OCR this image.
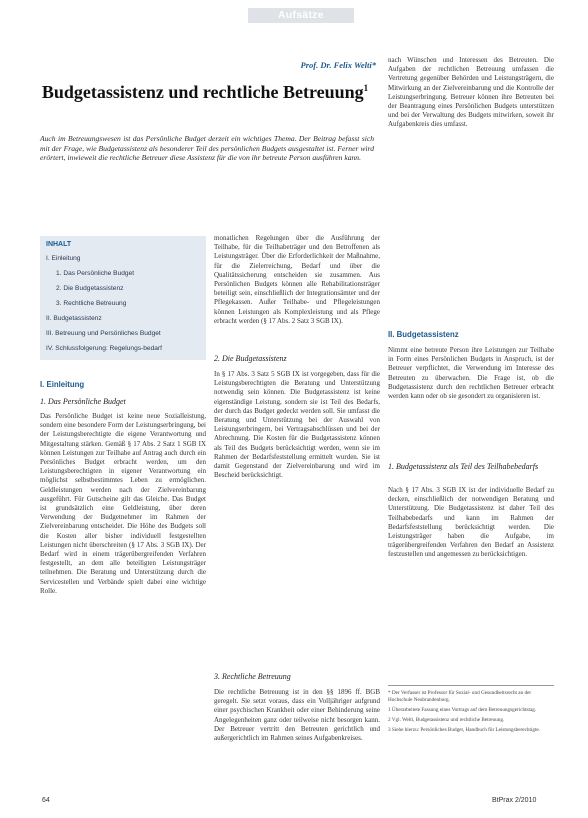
Aufsätze
Prof. Dr. Felix Welti*
Budgetassistenz und rechtliche Betreuung$^1$
Auch im Betreuungswesen ist das Persönliche Budget derzeit ein wichtiges Thema. Der Beitrag befasst sich mit der Frage, wie Budgetassistenz als besonderer Teil des persönlichen Budgets ausgestaltet ist. Ferner wird erörtert, inwieweit die rechtliche Betreuer diese Assistenz für die von ihr betreute Person ausführen kann.
INHALT
I. Einleitung
1. Das Persönliche Budget
2. Die Budgetassistenz
3. Rechtliche Betreuung
II. Budgetassistenz
III. Betreuung und Persönliches Budget
IV. Schlussfolgerung: Regelungs-bedarf
I. Einleitung
1. Das Persönliche Budget
Das Persönliche Budget ist keine neue Sozialleistung, sondern eine besondere Form der Leistungserbringung, bei der Leistungsberechtigte die eigene Verantwortung und Mitgestaltung stärken. Gemäß § 17 Abs. 2 Satz 1 SGB IX können Leistungen zur Teilhabe auf Antrag auch durch ein Persönliches Budget erbracht werden, um den Leistungsberechtigten in eigener Verantwortung ein möglichst selbstbestimmtes Leben zu ermöglichen. Geldleistungen werden nach der Zielvereinbarung ausgeführt. Für Gutscheine gilt das Gleiche. Das Budget ist grundsätzlich eine Geldleistung, über deren Verwendung der Budgetnehmer im Rahmen der Zielvereinbarung entscheidet. Die Höhe des Budgets soll die Kosten aller bisher individuell festgestellten Leistungen nicht überschreiten (§ 17 Abs. 3 SGB IX). Der Bedarf wird in einem trägerübergreifenden Verfahren festgestellt, an dem alle beteiligten Leistungsträger teilnehmen. Die Beratung und Unterstützung durch die Servicestellen und Verbände spielt dabei eine wichtige Rolle.
monatlichen Regelungen über die Ausführung der Teilhabe, für die Teilhabeträger und den Betroffenen als Leistungsträger. Über die Erforderlichkeit der Maßnahme, für die Zielerreichung, Bedarf und über die Qualitätssicherung entscheiden sie zusammen. Aus Persönlichen Budgets können alle Rehabilitationsträger beteiligt sein, einschließlich der Integrationsämter und der Pflegekassen. Außer Teilhabe- und Pflegeleistungen können Leistungen als Komplexleistung und als Pflege erbracht werden (§ 17 Abs. 2 Satz 3 SGB IX).
2. Die Budgetassistenz
In § 17 Abs. 3 Satz 5 SGB IX ist vorgegeben, dass für die Leistungsberechtigten die Beratung und Unterstützung notwendig sein können. Die Budgetassistenz ist keine eigenständige Leistung, sondern sie ist Teil des Bedarfs, der durch das Budget gedeckt werden soll. Sie umfasst die Beratung und Unterstützung bei der Auswahl von Leistungserbringern, bei Vertragsabschlüssen und bei der Abrechnung. Die Kosten für die Budgetassistenz können als Teil des Budgets berücksichtigt werden, wenn sie im Rahmen der Bedarfsfeststellung ermittelt wurden. Sie ist damit Gegenstand der Zielvereinbarung und wird im Bescheid berücksichtigt.
3. Rechtliche Betreuung
Die rechtliche Betreuung ist in den §§ 1896 ff. BGB geregelt. Sie setzt voraus, dass ein Volljähriger aufgrund einer psychischen Krankheit oder einer Behinderung seine Angelegenheiten ganz oder teilweise nicht besorgen kann. Der Betreuer vertritt den Betreuten gerichtlich und außergerichtlich im Rahmen seines Aufgabenkreises.
nach Wünschen und Interessen des Betreuten. Die Aufgaben der rechtlichen Betreuung umfassen die Vertretung gegenüber Behörden und Leistungsträgern, die Mitwirkung an der Zielvereinbarung und die Kontrolle der Leistungserbringung. Betreuer können ihre Betreuten bei der Beantragung eines Persönlichen Budgets unterstützen und bei der Verwaltung des Budgets mitwirken, soweit ihr Aufgabenkreis dies umfasst.
II. Budgetassistenz
Nimmt eine betreute Person ihre Leistungen zur Teilhabe in Form eines Persönlichen Budgets in Anspruch, ist der Betreuer verpflichtet, die Verwendung im Interesse des Betreuten zu überwachen. Die Frage ist, ob die Budgetassistenz durch den rechtlichen Betreuer erbracht werden kann oder ob sie gesondert zu organisieren ist.
1. Budgetassistenz als Teil des Teilhabebedarfs
Nach § 17 Abs. 3 SGB IX ist der individuelle Bedarf zu decken, einschließlich der notwendigen Beratung und Unterstützung. Die Budgetassistenz ist daher Teil des Teilhabebedarfs und kann im Rahmen der Bedarfsfeststellung berücksichtigt werden. Die Leistungsträger haben die Aufgabe, im trägerübergreifenden Verfahren den Bedarf an Assistenz festzustellen und angemessen zu berücksichtigen.
* Der Verfasser ist Professor für Sozial- und Gesundheitsrecht an der Hochschule Neubrandenburg.
1 Überarbeitete Fassung eines Vortrags auf dem Betreuungsgerichtstag.
2 Vgl. Welti, Budgetassistenz und rechtliche Betreuung.
3 Siehe hierzu: Persönliches Budget, Handbuch für Leistungsberechtigte.
64	BtPrax 2/2010
